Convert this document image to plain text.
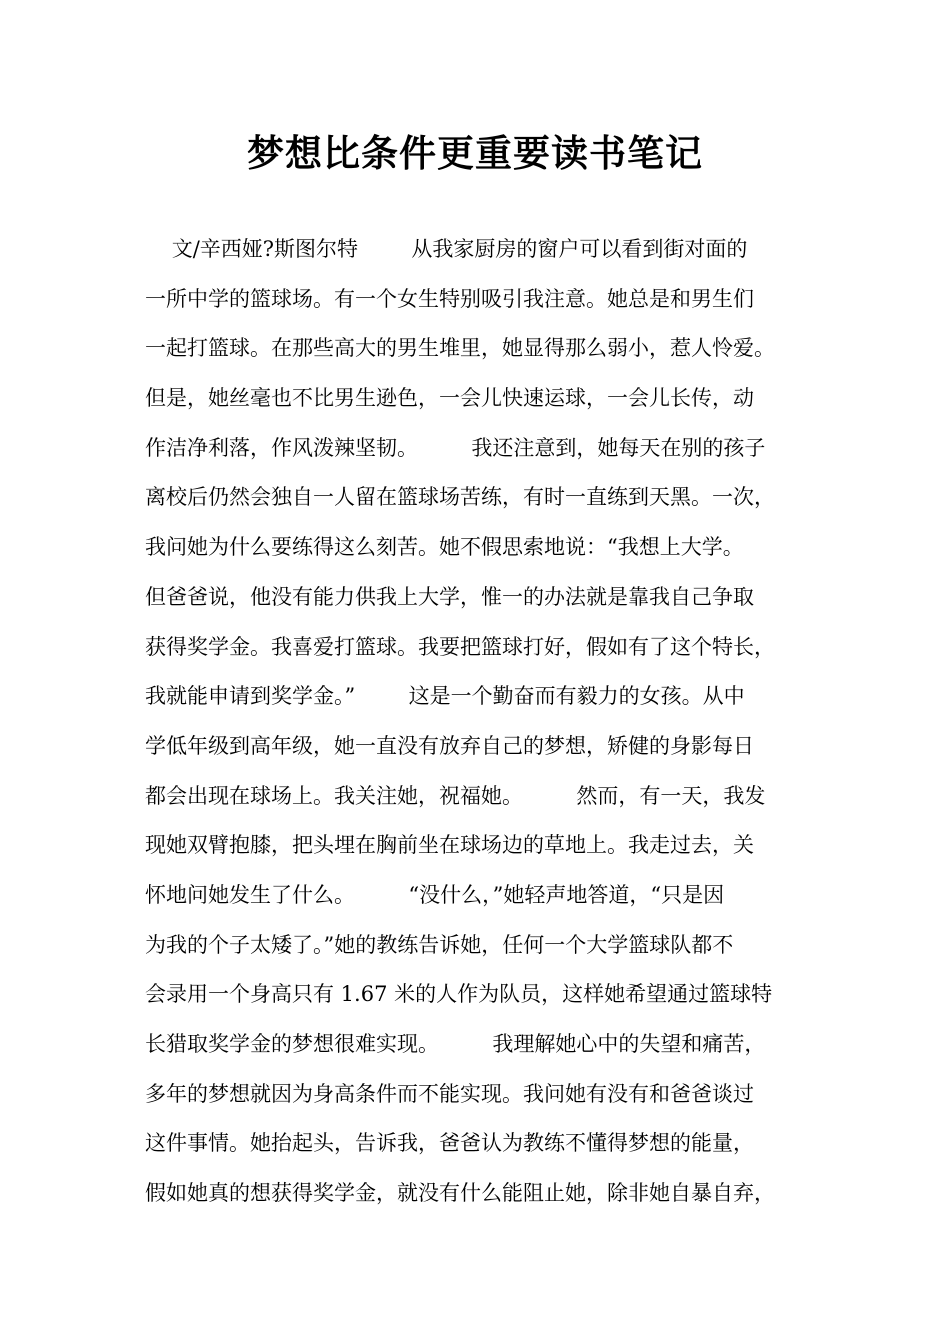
梦想比条件更重要读书笔记
文/辛西娅?斯图尔特        从我家厨房的窗户可以看到街对面的
一所中学的篮球场。有一个女生特别吸引我注意。她总是和男生们
一起打篮球。在那些高大的男生堆里，她显得那么弱小，惹人怜爱。
但是，她丝毫也不比男生逊色，一会儿快速运球，一会儿长传，动
作洁净利落，作风泼辣坚韧。        我还注意到，她每天在别的孩子
离校后仍然会独自一人留在篮球场苦练，有时一直练到天黑。一次，
我问她为什么要练得这么刻苦。她不假思索地说：“我想上大学。
但爸爸说，他没有能力供我上大学，惟一的办法就是靠我自己争取
获得奖学金。我喜爱打篮球。我要把篮球打好，假如有了这个特长，
我就能申请到奖学金。”        这是一个勤奋而有毅力的女孩。从中
学低年级到高年级，她一直没有放弃自己的梦想，矫健的身影每日
都会出现在球场上。我关注她，祝福她。        然而，有一天，我发
现她双臂抱膝，把头埋在胸前坐在球场边的草地上。我走过去，关
怀地问她发生了什么。        “没什么，”她轻声地答道，“只是因
为我的个子太矮了。”她的教练告诉她，任何一个大学篮球队都不
会录用一个身高只有 1.67 米的人作为队员，这样她希望通过篮球特
长猎取奖学金的梦想很难实现。        我理解她心中的失望和痛苦，
多年的梦想就因为身高条件而不能实现。我问她有没有和爸爸谈过
这件事情。她抬起头，告诉我，爸爸认为教练不懂得梦想的能量，
假如她真的想获得奖学金，就没有什么能阻止她，除非她自暴自弃，
